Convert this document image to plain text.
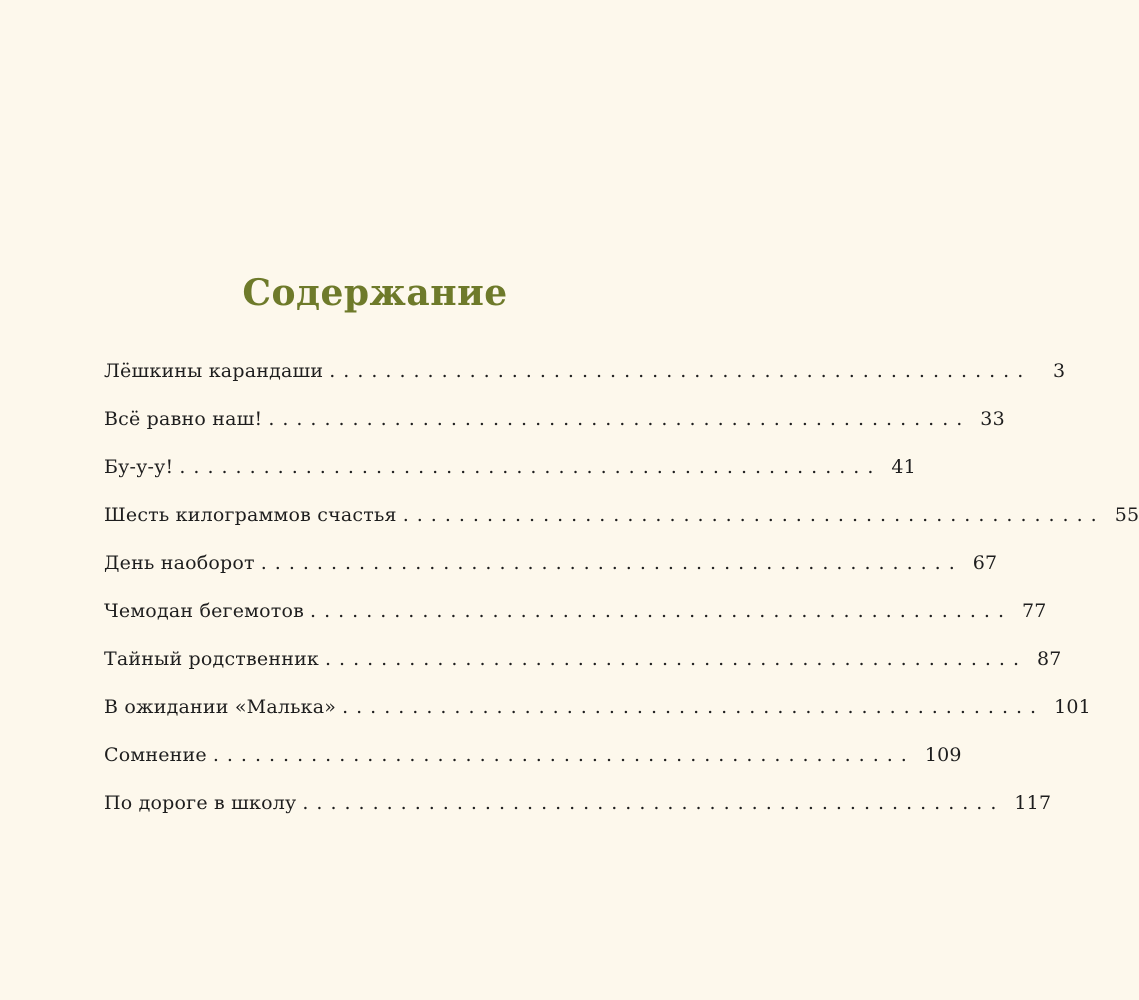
Содержание
Лёшкины карандаши ..................................................	3
Всё равно наш! .................................................. 33
Бу-у-у! .................................................. 41
Шесть килограммов счастья .................................................. 55
День наоборот .................................................. 67
Чемодан бегемотов .................................................. 77
Тайный родственник .................................................. 87
В ожидании «Малька» .................................................. 101
Сомнение .................................................. 109
По дороге в школу .................................................. 117
